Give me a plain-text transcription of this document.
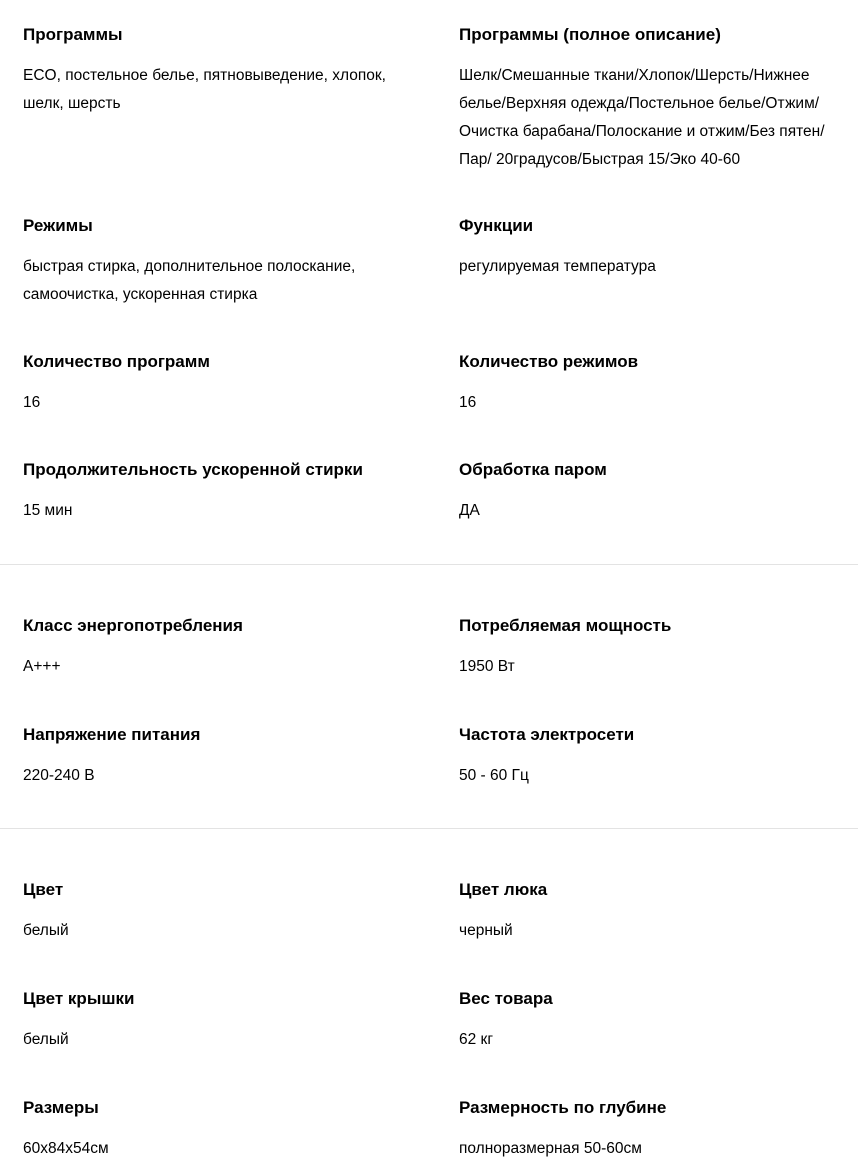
Программы
ECO, постельное белье, пятновыведение, хлопок, шелк, шерсть
Программы (полное описание)
Шелк/Смешанные ткани/Хлопок/Шерсть/Нижнее белье/Верхняя одежда/Постельное белье/Отжим/Очистка барабана/Полоскание и отжим/Без пятен/Пар/ 20градусов/Быстрая 15/Эко 40-60
Режимы
быстрая стирка, дополнительное полоскание, самоочистка, ускоренная стирка
Функции
регулируемая температура
Количество программ
16
Количество режимов
16
Продолжительность ускоренной стирки
15 мин
Обработка паром
ДА
Класс энергопотребления
A+++
Потребляемая мощность
1950 Вт
Напряжение питания
220-240 В
Частота электросети
50 - 60 Гц
Цвет
белый
Цвет люка
черный
Цвет крышки
белый
Вес товара
62 кг
Размеры
60x84x54см
Размерность по глубине
полноразмерная 50-60см
